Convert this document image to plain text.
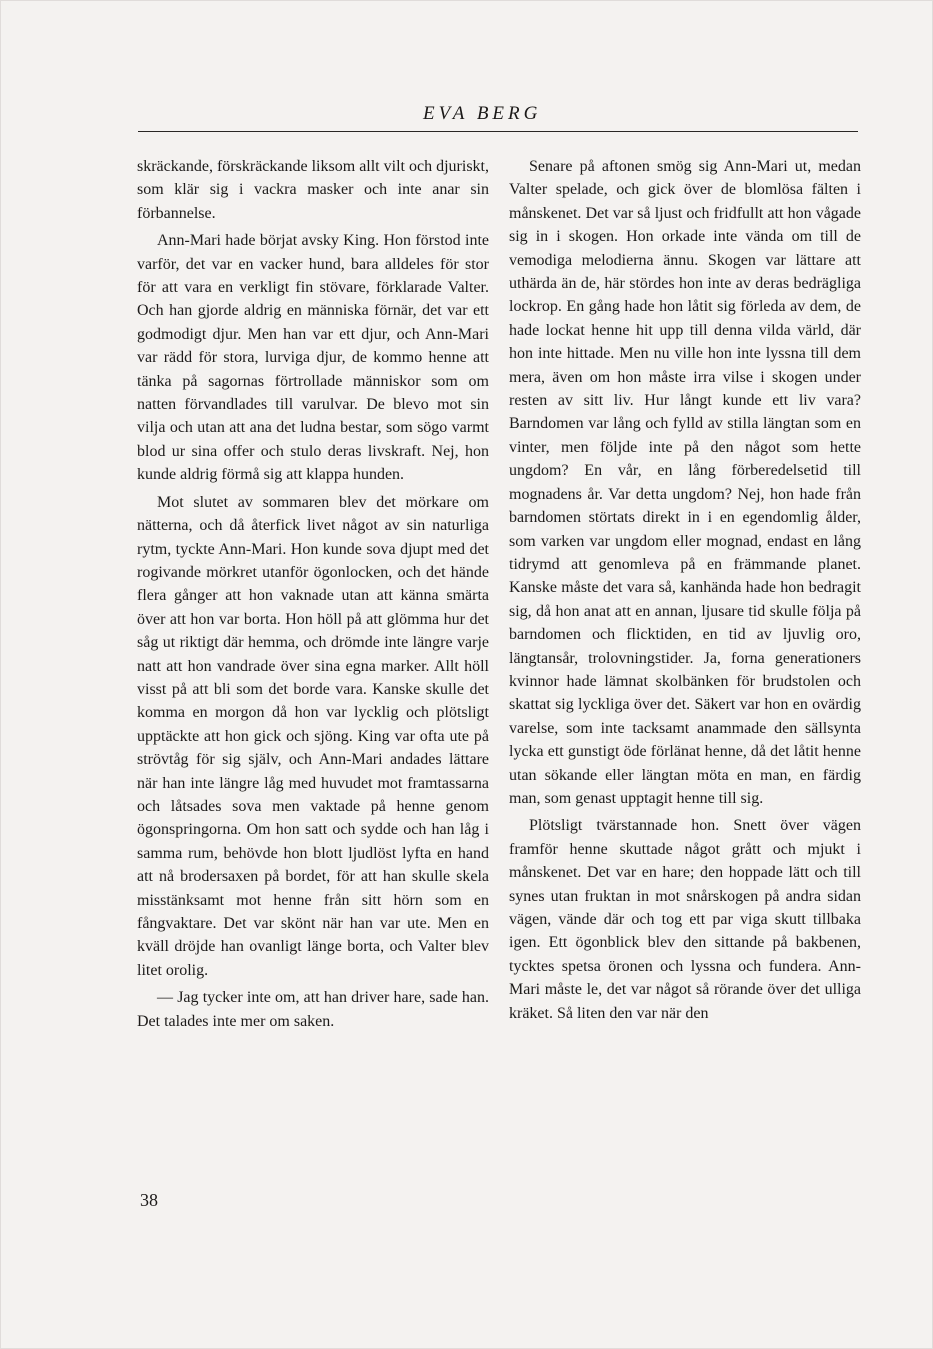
EVA BERG

skräckande, förskräckande liksom allt vilt och djuriskt, som klär sig i vackra masker och inte anar sin förbannelse.

Ann-Mari hade börjat avsky King. Hon förstod inte varför, det var en vacker hund, bara alldeles för stor för att vara en verkligt fin stövare, förklarade Valter. Och han gjorde aldrig en människa förnär, det var ett godmodigt djur. Men han var ett djur, och Ann-Mari var rädd för stora, lurviga djur, de kommo henne att tänka på sagornas förtrollade människor som om natten förvandlades till varulvar. De blevo mot sin vilja och utan att ana det ludna bestar, som sögo varmt blod ur sina offer och stulo deras livskraft. Nej, hon kunde aldrig förmå sig att klappa hunden.

Mot slutet av sommaren blev det mörkare om nätterna, och då återfick livet något av sin naturliga rytm, tyckte Ann-Mari. Hon kunde sova djupt med det rogivande mörkret utanför ögonlocken, och det hände flera gånger att hon vaknade utan att känna smärta över att hon var borta. Hon höll på att glömma hur det såg ut riktigt där hemma, och drömde inte längre varje natt att hon vandrade över sina egna marker. Allt höll visst på att bli som det borde vara. Kanske skulle det komma en morgon då hon var lycklig och plötsligt upptäckte att hon gick och sjöng. King var ofta ute på strövtåg för sig själv, och Ann-Mari andades lättare när han inte längre låg med huvudet mot framtassarna och låtsades sova men vaktade på henne genom ögonspringorna. Om hon satt och sydde och han låg i samma rum, behövde hon blott ljudlöst lyfta en hand att nå brodersaxen på bordet, för att han skulle skela misstänksamt mot henne från sitt hörn som en fångvaktare. Det var skönt när han var ute. Men en kväll dröjde han ovanligt länge borta, och Valter blev litet orolig.

— Jag tycker inte om, att han driver hare, sade han. Det talades inte mer om saken.

Senare på aftonen smög sig Ann-Mari ut, medan Valter spelade, och gick över de blomlösa fälten i månskenet. Det var så ljust och fridfullt att hon vågade sig in i skogen. Hon orkade inte vända om till de vemodiga melodierna ännu. Skogen var lättare att uthärda än de, här stördes hon inte av deras bedrägliga lockrop. En gång hade hon låtit sig förleda av dem, de hade lockat henne hit upp till denna vilda värld, där hon inte hittade. Men nu ville hon inte lyssna till dem mera, även om hon måste irra vilse i skogen under resten av sitt liv. Hur långt kunde ett liv vara? Barndomen var lång och fylld av stilla längtan som en vinter, men följde inte på den något som hette ungdom? En vår, en lång förberedelsetid till mognadens år. Var detta ungdom? Nej, hon hade från barndomen störtats direkt in i en egendomlig ålder, som varken var ungdom eller mognad, endast en lång tidrymd att genomleva på en främmande planet. Kanske måste det vara så, kanhända hade hon bedragit sig, då hon anat att en annan, ljusare tid skulle följa på barndomen och flicktiden, en tid av ljuvlig oro, längtansår, trolovningstider. Ja, forna generationers kvinnor hade lämnat skolbänken för brudstolen och skattat sig lyckliga över det. Säkert var hon en ovärdig varelse, som inte tacksamt anammade den sällsynta lycka ett gunstigt öde förlänat henne, då det låtit henne utan sökande eller längtan möta en man, en färdig man, som genast upptagit henne till sig.

Plötsligt tvärstannade hon. Snett över vägen framför henne skuttade något grått och mjukt i månskenet. Det var en hare; den hoppade lätt och till synes utan fruktan in mot snårskogen på andra sidan vägen, vände där och tog ett par viga skutt tillbaka igen. Ett ögonblick blev den sittande på bakbenen, tycktes spetsa öronen och lyssna och fundera. Ann-Mari måste le, det var något så rörande över det ulliga kräket. Så liten den var när den

38
